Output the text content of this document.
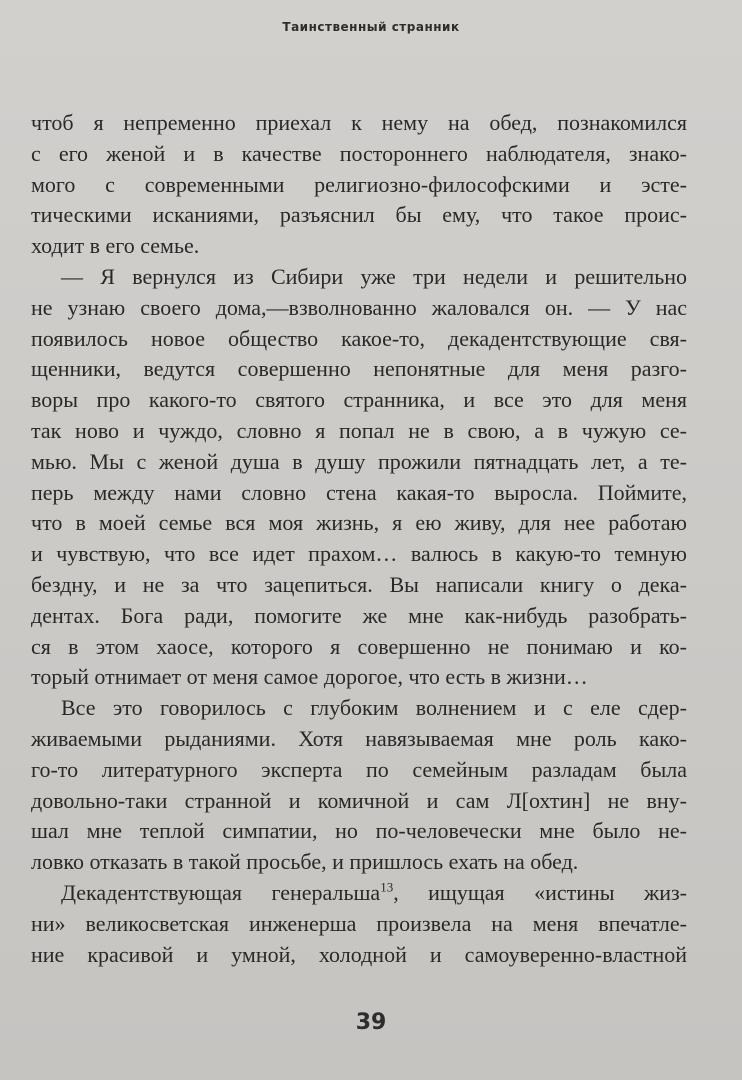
Таинственный странник
чтоб я непременно приехал к нему на обед, познакомился
с его женой и в качестве постороннего наблюдателя, знако-
мого с современными религиозно-философскими и эсте-
тическими исканиями, разъяснил бы ему, что такое проис-
ходит в его семье.
— Я вернулся из Сибири уже три недели и решительно
не узнаю своего дома,—взволнованно жаловался он. — У нас
появилось новое общество какое-то, декадентствующие свя-
щенники, ведутся совершенно непонятные для меня разго-
воры про какого-то святого странника, и все это для меня
так ново и чуждо, словно я попал не в свою, а в чужую се-
мью. Мы с женой душа в душу прожили пятнадцать лет, а те-
перь между нами словно стена какая-то выросла. Поймите,
что в моей семье вся моя жизнь, я ею живу, для нее работаю
и чувствую, что все идет прахом… валюсь в какую-то темную
бездну, и не за что зацепиться. Вы написали книгу о дека-
дентах. Бога ради, помогите же мне как-нибудь разобрать-
ся в этом хаосе, которого я совершенно не понимаю и ко-
торый отнимает от меня самое дорогое, что есть в жизни…
Все это говорилось с глубоким волнением и с еле сдер-
живаемыми рыданиями. Хотя навязываемая мне роль како-
го-то литературного эксперта по семейным разладам была
довольно-таки странной и комичной и сам Л[охтин] не вну-
шал мне теплой симпатии, но по-человечески мне было не-
ловко отказать в такой просьбе, и пришлось ехать на обед.
Декадентствующая генеральша$^{13}$, ищущая «истины жиз-
ни» великосветская инженерша произвела на меня впечатле-
ние красивой и умной, холодной и самоуверенно-властной
39
